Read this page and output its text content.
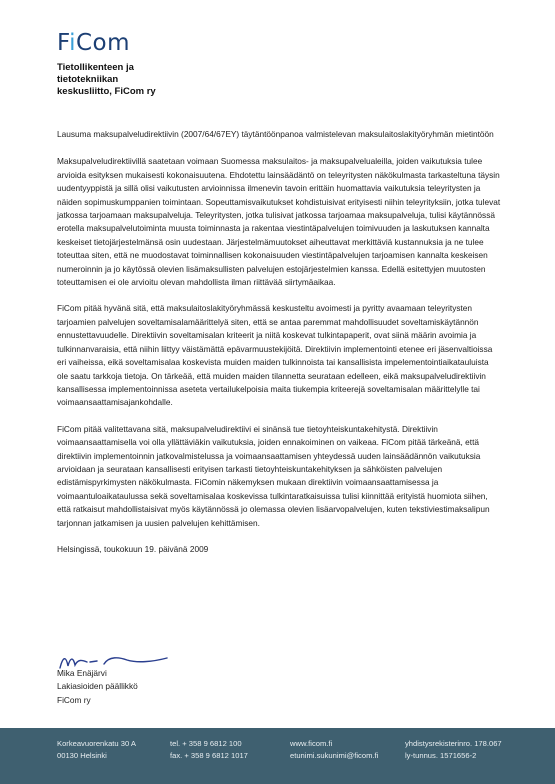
FiCom
Tietollikenteen ja
tietotekniikan
keskusliitto, FiCom ry

Lausuma maksupalveludirektiivin (2007/64/67EY) täytäntöönpanoa valmistelevan maksulaitoslakityöryhmän mietintöön

Maksupalveludirektiivillä saatetaan voimaan Suomessa maksulaitos- ja maksupalvelualeilla, joiden vaikutuksia tulee arvioida esityksen mukaisesti kokonaisuutena. Ehdotettu lainsäädäntö on teleyritysten näkökulmasta tarkasteltuna täysin uudentyyppistä ja sillä olisi vaikutusten arvioinnissa ilmenevin tavoin erittäin huomattavia vaikutuksia teleyritysten ja näiden sopimuskumppanien toimintaan. Sopeuttamisvaikutukset kohdistuisivat erityisesti niihin teleyrityksiin, jotka tulevat jatkossa tarjoamaan maksupalveluja. Teleyritysten, jotka tulisivat jatkossa tarjoamaa maksupalveluja, tulisi käytännössä erotella maksupalvelutoiminta muusta toiminnasta ja rakentaa viestintäpalvelujen toimivuuden ja laskutuksen kannalta keskeiset tietojärjestelmänsä osin uudestaan. Järjestelmämuutokset aiheuttavat merkittäviä kustannuksia ja ne tulee toteuttaa siten, että ne muodostavat toiminnallisen kokonaisuuden viestintäpalvelujen tarjoamisen kannalta keskeisen numeroinnin ja jo käytössä olevien lisämaksullisten palvelujen estojärjestelmien kanssa. Edellä esitettyjen muutosten toteuttamisen ei ole arvioitu olevan mahdollista ilman riittävää siirtymäaikaa.

FiCom pitää hyvänä sitä, että maksulaitoslakityöryhmässä keskusteltu avoimesti ja pyritty avaamaan teleyritysten tarjoamien palvelujen soveltamisalamäärittelyä siten, että se antaa paremmat mahdollisuudet soveltamiskäytännön ennustettavuudelle. Direktiivin soveltamisalan kriteerit ja niitä koskevat tulkintapaperit, ovat siinä määrin avoimia ja tulkinnanvaraisia, että niihin liittyy väistämättä epävarmuustekijöitä. Direktiivin implementointi etenee eri jäsenvaltioissa eri vaiheissa, eikä soveltamisalaa koskevista muiden maiden tulkinnoista tai kansallisista impelementointiaikatauluista ole saatu tarkkoja tietoja. On tärkeää, että muiden maiden tilannetta seurataan edelleen, eikä maksupalveludirektiivin kansallisessa implementoinnissa aseteta vertailukelpoisia maita tiukempia kriteerejä soveltamisalan määrittelylle tai voimaansaattamisajankohdalle.

FiCom pitää valitettavana sitä, maksupalveludirektiivi ei sinänsä tue tietoyhteiskuntakehitystä. Direktiivin voimaansaattamisella voi olla yllättäviäkin vaikutuksia, joiden ennakoiminen on vaikeaa. FiCom pitää tärkeänä, että direktiivin implementoinnin jatkovalmistelussa ja voimaansaattamisen yhteydessä uuden lainsäädännön vaikutuksia arvioidaan ja seurataan kansallisesti erityisen tarkasti tietoyhteiskuntakehityksen ja sähköisten palvelujen edistämispyrkimysten näkökulmasta. FiComin näkemyksen mukaan direktiivin voimaansaattamisessa ja voimaantuloaikataulussa sekä soveltamisalaa koskevissa tulkintaratkaisuissa tulisi kiinnittää erityistä huomiota siihen, että ratkaisut mahdollistaisivat myös käytännössä jo olemassa olevien lisäarvopalvelujen, kuten tekstiviestimaksalipun tarjonnan jatkamisen ja uusien palvelujen kehittämisen.

Helsingissä, toukokuun 19. päivänä 2009

Mika Enäjärvi
Lakiasioiden päällikkö
FiCom ry
Korkeavuorenkatu 30 A
00130 Helsinki
tel. + 358 9 6812 100
fax. + 358 9 6812 1017
www.ficom.fi
etunimi.sukunimi@ficom.fi
yhdistysrekisterinro. 178.067
ly-tunnus. 1571656-2
